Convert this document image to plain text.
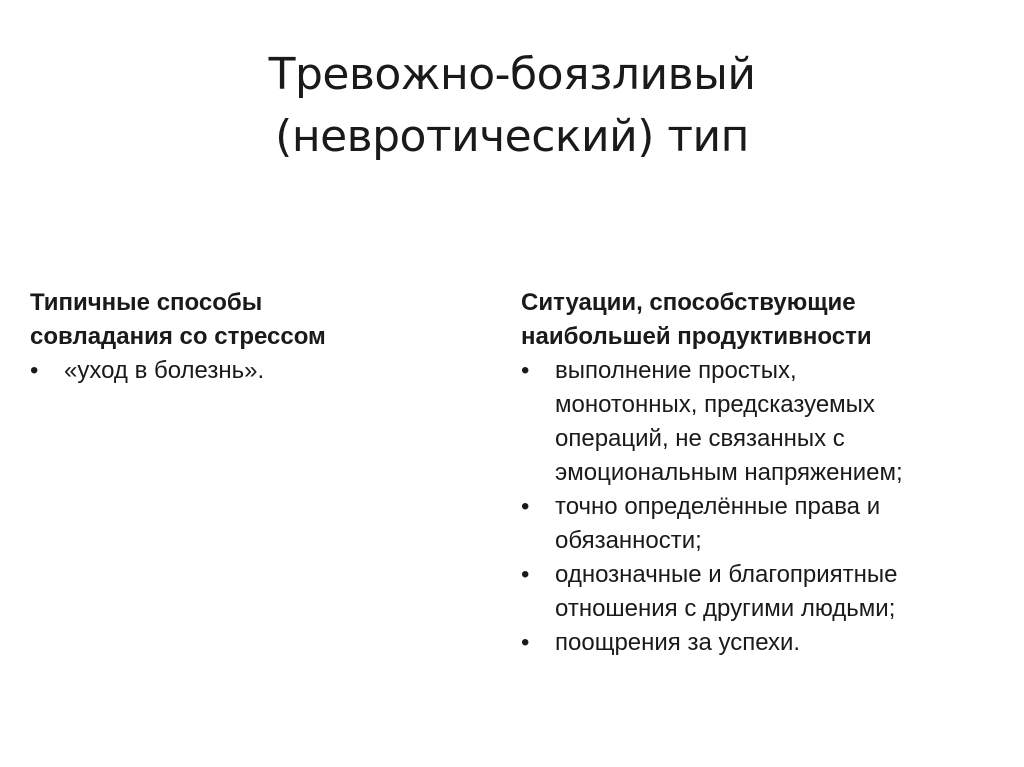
Тревожно-боязливый
(невротический) тип
Типичные способы
совладания со стрессом
•	«уход в болезнь».
Ситуации, способствующие
наибольшей продуктивности
•	выполнение простых,
монотонных, предсказуемых
операций, не связанных с
эмоциональным напряжением;
•	точно определённые права и
обязанности;
•	однозначные и благоприятные
отношения с другими людьми;
•	поощрения за успехи.
